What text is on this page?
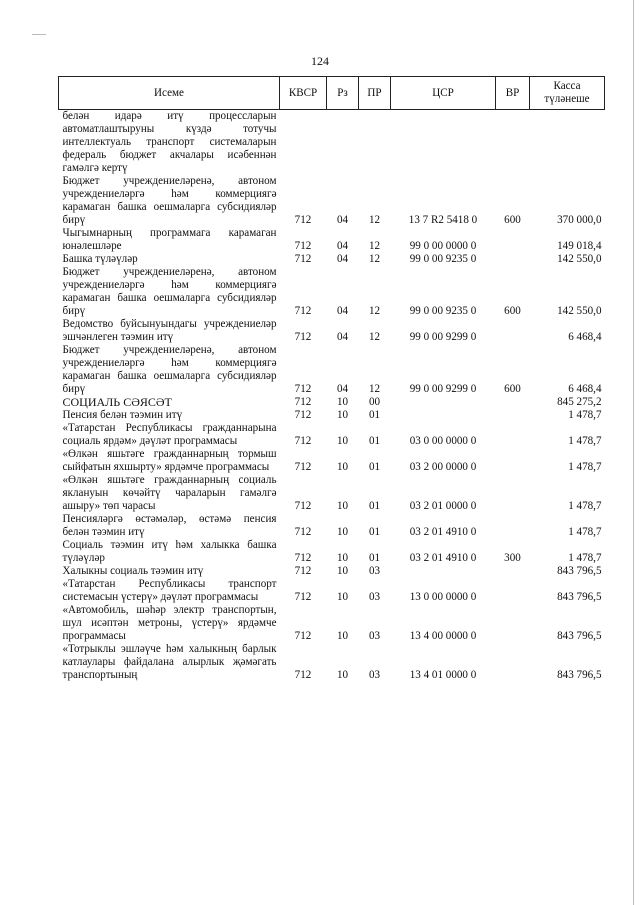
124
Исеме	КВСР	Рз	ПР	ЦСР	ВР	Касса
түләнеше

белән идарә итү процессларын автоматлаштыруны күздә тотучы интеллектуаль транспорт системаларын федераль бюджет акчалары исәбеннән гамәлгә кертү						
Бюджет учреждениеләренә, автоном учреждениеләргә һәм коммерциягә карамаган башка оешмаларга субсидияләр бирү	712	04	12	13 7 R2 5418 0	600	370 000,0
Чыгымнарның программага карамаган юнәлешләре	712	04	12	99 0 00 0000 0		149 018,4
Башка түләүләр	712	04	12	99 0 00 9235 0		142 550,0
Бюджет учреждениеләренә, автоном учреждениеләргә һәм коммерциягә карамаган башка оешмаларга субсидияләр бирү	712	04	12	99 0 00 9235 0	600	142 550,0
Ведомство буйсынуындагы учреждениеләр эшчәнлеген тәэмин итү	712	04	12	99 0 00 9299 0		6 468,4
Бюджет учреждениеләренә, автоном учреждениеләргә һәм коммерциягә карамаган башка оешмаларга субсидияләр бирү	712	04	12	99 0 00 9299 0	600	6 468,4
СОЦИАЛЬ СӘЯСӘТ	712	10	00			845 275,2
Пенсия белән тәэмин итү	712	10	01			1 478,7
«Татарстан Республикасы гражданнарына социаль ярдәм» дәүләт программасы	712	10	01	03 0 00 0000 0		1 478,7
«Өлкән яшьтәге гражданнарның тормыш сыйфатын яхшырту» ярдәмче программасы	712	10	01	03 2 00 0000 0		1 478,7
«Өлкән яшьтәге гражданнарның социаль яклануын көчәйтү чараларын гамәлгә ашыру» төп чарасы	712	10	01	03 2 01 0000 0		1 478,7
Пенсияләргә өстәмәләр, өстәмә пенсия белән тәэмин итү	712	10	01	03 2 01 4910 0		1 478,7
Социаль тәэмин итү һәм халыкка башка түләүләр	712	10	01	03 2 01 4910 0	300	1 478,7
Халыкны социаль тәэмин итү	712	10	03			843 796,5
«Татарстан Республикасы транспорт системасын үстерү» дәүләт программасы	712	10	03	13 0 00 0000 0		843 796,5
«Автомобиль, шәһәр электр транспортын, шул исәптән метроны, үстерү» ярдәмче программасы	712	10	03	13 4 00 0000 0		843 796,5
«Тотрыклы эшләүче һәм халыкның барлык катлаулары файдалана алырлык җәмәгать транспортының	712	10	03	13 4 01 0000 0		843 796,5
